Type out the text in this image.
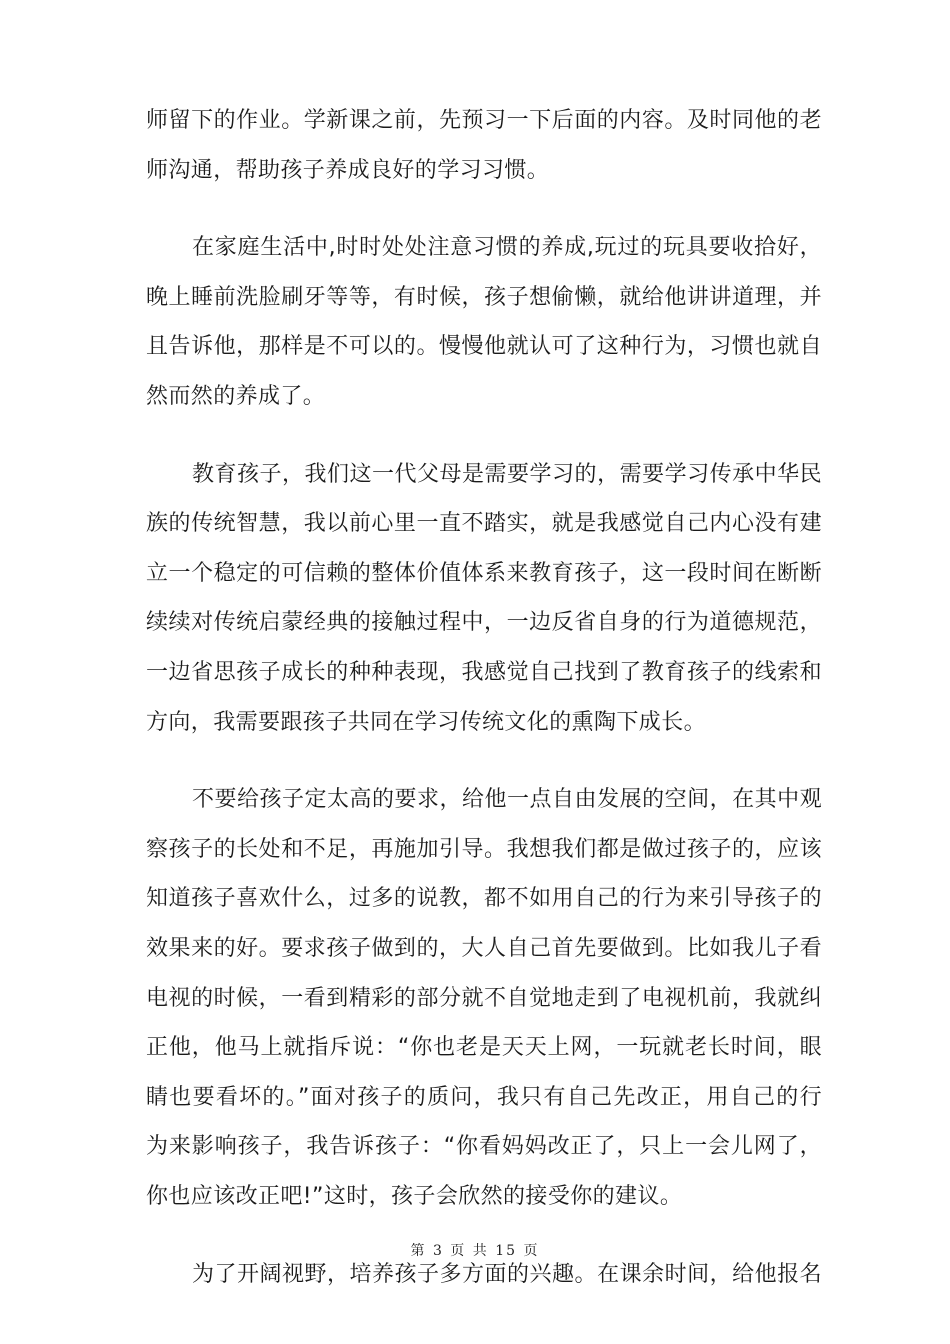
师留下的作业。学新课之前，先预习一下后面的内容。及时同他的老
师沟通，帮助孩子养成良好的学习习惯。
在家庭生活中,时时处处注意习惯的养成,玩过的玩具要收拾好，
晚上睡前洗脸刷牙等等，有时候，孩子想偷懒，就给他讲讲道理，并
且告诉他，那样是不可以的。慢慢他就认可了这种行为，习惯也就自
然而然的养成了。
教育孩子，我们这一代父母是需要学习的，需要学习传承中华民
族的传统智慧，我以前心里一直不踏实，就是我感觉自己内心没有建
立一个稳定的可信赖的整体价值体系来教育孩子，这一段时间在断断
续续对传统启蒙经典的接触过程中，一边反省自身的行为道德规范，
一边省思孩子成长的种种表现，我感觉自己找到了教育孩子的线索和
方向，我需要跟孩子共同在学习传统文化的熏陶下成长。
不要给孩子定太高的要求，给他一点自由发展的空间，在其中观
察孩子的长处和不足，再施加引导。我想我们都是做过孩子的，应该
知道孩子喜欢什么，过多的说教，都不如用自己的行为来引导孩子的
效果来的好。要求孩子做到的，大人自己首先要做到。比如我儿子看
电视的时候，一看到精彩的部分就不自觉地走到了电视机前，我就纠
正他，他马上就指斥说：“你也老是天天上网，一玩就老长时间，眼
睛也要看坏的。”面对孩子的质问，我只有自己先改正，用自己的行
为来影响孩子，我告诉孩子：“你看妈妈改正了，只上一会儿网了，
你也应该改正吧!”这时，孩子会欣然的接受你的建议。
为了开阔视野，培养孩子多方面的兴趣。在课余时间，给他报名
第 3 页 共 15 页
